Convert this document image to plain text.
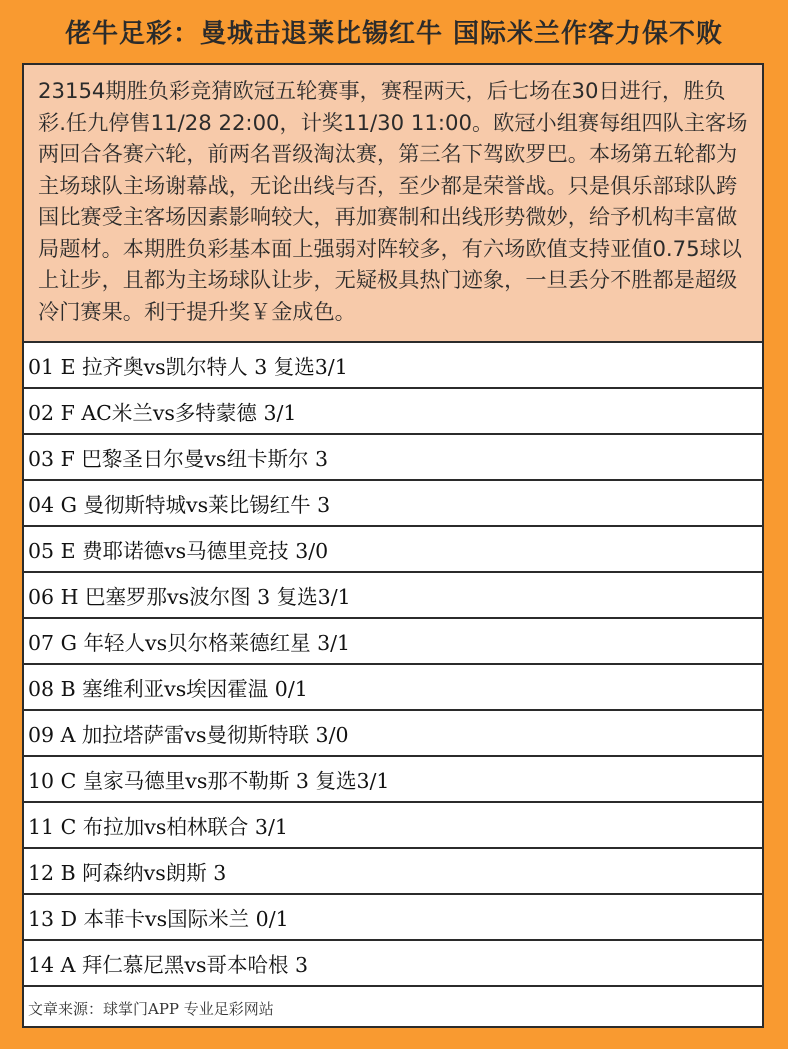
佬牛足彩：曼城击退莱比锡红牛 国际米兰作客力保不败
23154期胜负彩竞猜欧冠五轮赛事，赛程两天，后七场在30日进行，胜负彩.任九停售11/28 22:00，计奖11/30 11:00。欧冠小组赛每组四队主客场两回合各赛六轮，前两名晋级淘汰赛，第三名下驾欧罗巴。本场第五轮都为主场球队主场谢幕战，无论出线与否，至少都是荣誉战。只是俱乐部球队跨国比赛受主客场因素影响较大，再加赛制和出线形势微妙，给予机构丰富做局题材。本期胜负彩基本面上强弱对阵较多，有六场欧值支持亚值0.75球以上让步，且都为主场球队让步，无疑极具热门迹象，一旦丢分不胜都是超级冷门赛果。利于提升奖￥金成色。
01 E 拉齐奥vs凯尔特人 3 复选3/1
02 F AC米兰vs多特蒙德 3/1
03 F 巴黎圣日尔曼vs纽卡斯尔 3
04 G 曼彻斯特城vs莱比锡红牛 3
05 E 费耶诺德vs马德里竞技 3/0
06 H 巴塞罗那vs波尔图 3 复选3/1
07 G 年轻人vs贝尔格莱德红星 3/1
08 B 塞维利亚vs埃因霍温 0/1
09 A 加拉塔萨雷vs曼彻斯特联 3/0
10 C 皇家马德里vs那不勒斯 3 复选3/1
11 C 布拉加vs柏林联合 3/1
12 B 阿森纳vs朗斯 3
13 D 本菲卡vs国际米兰 0/1
14 A 拜仁慕尼黑vs哥本哈根 3
文章来源：球掌门APP 专业足彩网站
